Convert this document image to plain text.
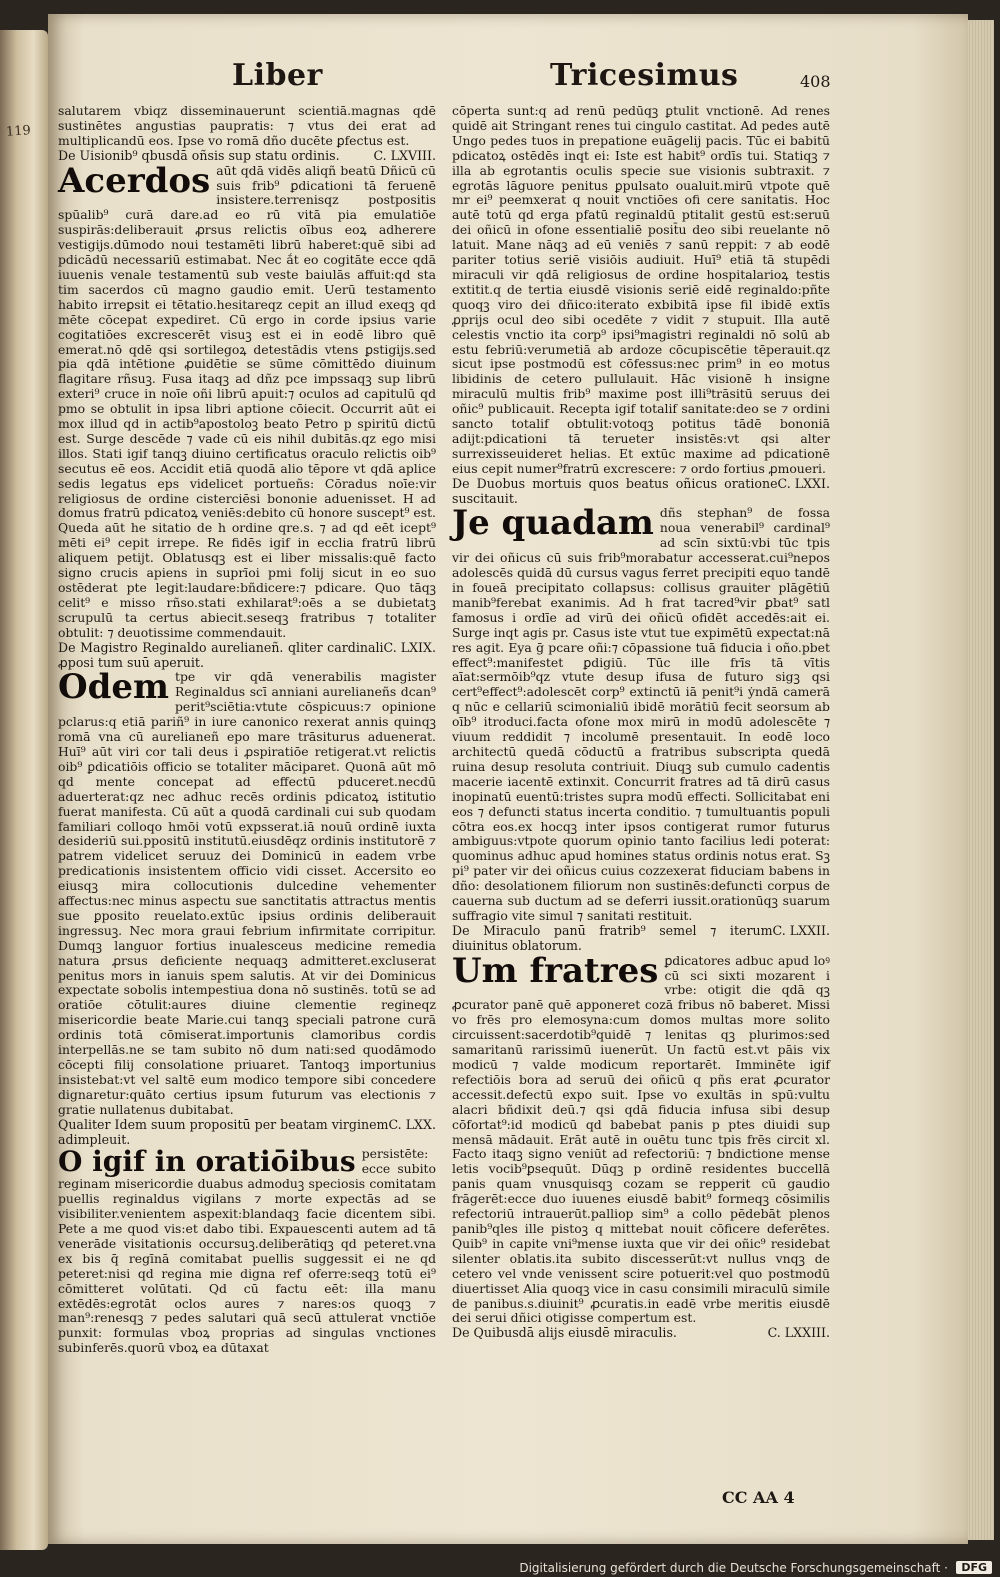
119
Liber	Tricesimus	408

salutarem vbiqz disseminauerunt scientiā.magnas qdē sustinētes angustias paupratis: ⁊ vtus dei erat ad multiplicandū eos. Ipse vo romā dño ducēte ꝑfectus est.

C. LXVIII.
De Uisionib⁹ qbusdā oñsis sup statu ordinis.

Acerdos aūt qdā vidēs aliqñ beatū Dñicū cū suis frib⁹ ꝑdicationi tā feruenē insistere.terrenisqz postpositis spūalib⁹ curā dare.ad eo rū vitā pia emulatiōe suspirās:deliberauit ꝓrsus relictis oībus eoꝝ adherere vestigijs.dūmodo noui testamēti librū haberet:quē sibi ad pdicādū necessariū estimabat. Nec ắt eo cogitāte ecce qdā iuuenis venale testamentū sub veste baiulās affuit:qd sta tim sacerdos cū magno gaudio emit. Uerū testamento habito irreꝑsit ei tētatio.hesitareqz cepit an illud exeqꝫ qd mēte cōcepat expediret. Cū ergo in corde ipsius varie cogitatiōes excrescerēt visuꝫ est ei in eodē libro quē emerat.nō qdē qsi sortilegoꝝ detestādis vtens ꝑstigijs.sed pia qdā intētione ꝓuidētie se sūme cōmittēdo diuinum flagitare rñsuꝫ. Fusa itaqꝫ ad dñz pce impssaqꝫ sup librū exteri⁹ cruce in noīe oñi librū apuit:⁊ oculos ad capitulū qd pmo se obtulit in ipsa libri aptione cōiecit. Occurrit aūt ei mox illud qd in actib⁹apostoloꝫ beato Petro p spiritū dictū est. Surge descēde ⁊ vade cū eis nihil dubitās.qz ego misi illos. Stati igif tanqꝫ diuino certificatus oraculo relictis oib⁹ secutus eē eos. Accidit etiā quodā alio tēpore vt qdā aplice sedis legatus eps videlicet portueñs: Cōradus noīe:vir religiosus de ordine cisterciēsi bononie aduenisset. H ad domus fratrū pdicatoꝝ veniēs:debito cū honore suscept⁹ est. Queda aūt he sitatio de h ordine qre.s. ⁊ ad qd eēt icept⁹ mēti ei⁹ cepit irrepe. Re fidēs igif in ecclia fratrū librū aliquem petijt. Oblatusqꝫ est ei liber missalis:quē facto signo crucis apiens in suprīoi pmi folij sicut in eo suo ostēderat pte legit:laudare:bñdicere:⁊ pdicare. Quo tāqꝫ celit⁹ e misso rñso.stati exhilarat⁹:oēs a se dubietatꝫ scrupulū ta certus abiecit.seseqꝫ fratribus ⁊ totaliter obtulit: ⁊ deuotissime commendauit.

C. LXIX.
De Magistro Reginaldo aurelianeñ. qliter cardinali ꝓposi tum suū aperuit.

Odem tpe vir qdā venerabilis magister Reginaldus scī anniani aurelianeñs dcan⁹ perit⁹sciētia:vtute cōspicuus:⁊ opinione pclarus:q etiā pariñ⁹ in iure canonico rexerat annis quinqꝫ romā vna cū aurelianeñ epo mare trāsiturus aduenerat. Huī⁹ aūt viri cor tali deus i ꝓspiratiōe retigerat.vt relictis oib⁹ ꝑdicatiōis officio se totaliter māciparet. Quonā aūt mō qd mente concepat ad effectū pduceret.necdū aduerterat:qz nec adhuc recēs ordinis pdicatoꝝ istitutio fuerat manifesta. Cū aūt a quodā cardinali cui sub quodam familiari colloqo hmōi votū expsserat.iā nouū ordinē iuxta desideriū sui.ppositū institutū.eiusdēqz ordinis institutorē ⁊ patrem videlicet seruuz dei Dominicū in eadem vrbe predicationis insistentem officio vidi cisset. Accersito eo eiusqꝫ mira collocutionis dulcedine vehementer affectus:nec minus aspectu sue sanctitatis attractus mentis sue ꝑposito reuelato.extūc ipsius ordinis deliberauit ingressuꝫ. Nec mora graui febrium infirmitate corripitur. Dumqꝫ languor fortius inualesceus medicine remedia natura ꝓrsus deficiente nequaqꝫ admitteret.excluserat penitus mors in ianuis spem salutis. At vir dei Dominicus expectate sobolis intempestiua dona nō sustinēs. totū se ad oratiōe cōtulit:aures diuine clementie regineqz misericordie beate Marie.cui tanqꝫ speciali patrone curā ordinis totā cōmiserat.importunis clamoribus cordis interpellās.ne se tam subito nō dum nati:sed quodāmodo cōcepti filij consolatione priuaret. Tantoqꝫ importunius insistebat:vt vel saltē eum modico tempore sibi concedere dignaretur:quāto certius ipsum futurum vas electionis ⁊ gratie nullatenus dubitabat.

C. LXX.
Qualiter Idem suum propositū per beatam virginem adimpleuit.

O igif in oratiōibus persistēte: ecce subito reginam misericordie duabus admoduꝫ speciosis comitatam puellis reginaldus vigilans ⁊ morte expectās ad se visibiliter.venientem aspexit:blandaqꝫ facie dicentem sibi. Pete a me quod vis:et dabo tibi. Expauescenti autem ad tā venerāde visitationis occursuꝫ.deliberātiqꝫ qd peteret.vna ex bis q̄ regīnā comitabat puellis suggessit ei ne qd peteret:nisi qd regina mie digna ref oferre:seqꝫ totū ei⁹ cōmitteret volūtati. Qd cū factu eēt: illa manu extēdēs:egrotāt oclos aures ⁊ nares:os quoqꝫ ⁊ man⁹:renesqꝫ ⁊ pedes salutari quā secū attulerat vnctiōe punxit: formulas vboꝝ proprias ad singulas vnctiones subinferēs.quorū vboꝝ ea dūtaxat

cōperta sunt:q ad renū pedūqꝫ ꝑtulit vnctionē. Ad renes quidē ait Stringant renes tui cingulo castitat. Ad pedes autē Ungo pedes tuos in prepatione euāgelij pacis. Tūc ei babitū pdicatoꝝ ostēdēs inqt ei: Iste est habit⁹ ordīs tui. Statiqꝫ ⁊ illa ab egrotantis oculis specie sue visionis subtraxit. ⁊ egrotās lāguore penitus ꝑpulsato oualuit.mirū vtpote quē mr ei⁹ peemxerat q nouit vnctiōes ofi cere sanitatis. Hoc autē totū qd erga pfatū reginaldū ptitalit gestū est:seruū dei oñicū in ofone essentialiē posit̄u deo sibi reuelante nō latuit. Mane nāqꝫ ad eū veniēs ⁊ sanū reppit: ⁊ ab eodē pariter totius seriē visiōis audiuit. Huī⁹ etiā tā stupēdi miraculi vir qdā religiosus de ordine hospitalarioꝝ testis extitit.q de tertia eiusdē visionis seriē eidē reginaldo:pñte quoqꝫ viro dei dñico:iterato exbibitā ipse fil ibidē extīs ꝓprijs ocul deo sibi ocedēte ⁊ vidit ⁊ stupuit. Illa autē celestis vnctio ita corp⁹ ipsi⁹magistri reginaldi nō solū ab estu febriū:verumetiā ab ardoze cōcupiscētie tēperauit.qz sicut ipse postmodū est cōfessus:nec prim⁹ in eo motus libidinis de cetero pullulauit. Hāc visionē h insigne miraculū multis frib⁹ maxime post illi⁹trāsitū seruus dei oñic⁹ publicauit. Recepta igif totalif sanitate:deo se ⁊ ordini sancto totalif obtulit:votoqꝫ potitus tādē bononiā adijt:pdicationi tā terueter insistēs:vt qsi alter surrexisseuideret helias. Et extūc maxime ad pdicationē eius cepit numer⁹fratrū excrescere: ⁊ ordo fortius ꝓmoueri.

C. LXXI.
De Duobus mortuis quos beatus oñicus oratione suscitauit.

Je quadam dñs stephan⁹ de fossa noua venerabil⁹ cardinal⁹ ad scīn sixtū:vbi tūc tpis vir dei oñicus cū suis frib⁹morabatur accesserat.cui⁹nepos adolescēs quidā dū cursus vagus ferret precipiti equo tandē in foueā precipitato collapsus: collisus grauiter plāgētiū manib⁹ferebat exanimis. Ad h frat tacred⁹vir ꝑbat⁹ satl famosus i ordīe ad virū dei oñicū ofidēt accedēs:ait ei. Surge inqt agis pr. Casus iste vtut tue expimētū expectat:nā res agit. Eya ḡ pcare oñi:⁊ cōpassione tuā fiducia i oño.pbet effect⁹:manifestet ꝑdigiū. Tūc ille frīs tā vītis aīat:sermōib⁹qz vtute desup ifusa de futuro sigꝫ qsi cert⁹effect⁹:adolescēt corp⁹ extinctū iā penit⁹i ẏndā camerā q nūc e cellariū scimonialiū ibidē morātiū fecit seorsum ab oīb⁹ itroduci.facta ofone mox mirū in modū adolescēte ⁊ viuum reddidit ⁊ incolumē presentauit. In eodē loco architectū quedā cōductū a fratribus subscripta quedā ruina desup resoluta contriuit. Diuqꝫ sub cumulo cadentis macerie iacentē extinxit. Concurrit fratres ad tā dirū casus inopinatū euentū:tristes supra modū effecti. Sollicitabat eni eos ⁊ defuncti status incerta conditio. ⁊ tumultuantis populi cōtra eos.ex hocqꝫ inter ipsos contigerat rumor futurus ambiguus:vtpote quorum opinio tanto facilius ledi poterat: quominus adhuc apud homines status ordinis notus erat. Sꝫ pi⁹ pater vir dei oñicus cuius cozzexerat fiduciam babens in dño: desolationem filiorum non sustinēs:defuncti corpus de cauerna sub ductum ad se deferri iussit.orationūqꝫ suarum suffragio vite simul ⁊ sanitati restituit.

C. LXXII.
De Miraculo panū fratrib⁹ semel ⁊ iterum diuinitus oblatorum.

Um fratres ꝑdicatores adbuc apud loꝰ cū sci sixti mozarent i vrbe: otigit die qdā qꝫ ꝓcurator panē quē apponeret cozā fribus nō baberet. Missi vo frēs pro elemosyna:cum domos multas more solito circuissent:sacerdotib⁹quidē ⁊ lenitas qꝫ plurimos:sed samaritanū rarissimū iuenerūt. Un factū est.vt pāis vix modicū ⁊ valde modicum reportarēt. Imminēte igif refectiōis bora ad seruū dei oñicū q pñs erat ꝓcurator accessit.defectū expo suit. Ipse vo exultās in spū:vultu alacri bñdixit deū.⁊ qsi qdā fiducia infusa sibi desup cōfortat⁹:id modicū qd babebat panis p ptes diuidi sup mensā mādauit. Erāt autē in ouētu tunc tpis frēs circit xl. Facto itaqꝫ signo veniūt ad refectoriū: ⁊ bndictione mense letis vocib⁹ꝑsequūt. Dūqꝫ p ordinē residentes buccellā panis quam vnusquisqꝫ cozam se repperit cū gaudio frāgerēt:ecce duo iuuenes eiusdē babit⁹ formeqꝫ cōsimilis refectoriū intrauerūt.palliop sim⁹ a collo pēdebāt plenos panib⁹qles ille pistoꝫ q mittebat nouit cōficere deferētes. Quib⁹ in capite vni⁹mense iuxta que vir dei oñic⁹ residebat silenter oblatis.ita subito discesserūt:vt nullus vnqꝫ de cetero vel vnde venissent scire potuerit:vel quo postmodū diuertisset Alia quoqꝫ vice in casu consimili miraculū simile de panibus.s.diuinit⁹ ꝓcuratis.in eadē vrbe meritis eiusdē dei serui dñici otigisse compertum est.

C. LXXIII.
De Quibusdā alijs eiusdē miraculis.

CC AA 4
Digitalisierung gefördert durch die Deutsche Forschungsgemeinschaft ·	DFG
